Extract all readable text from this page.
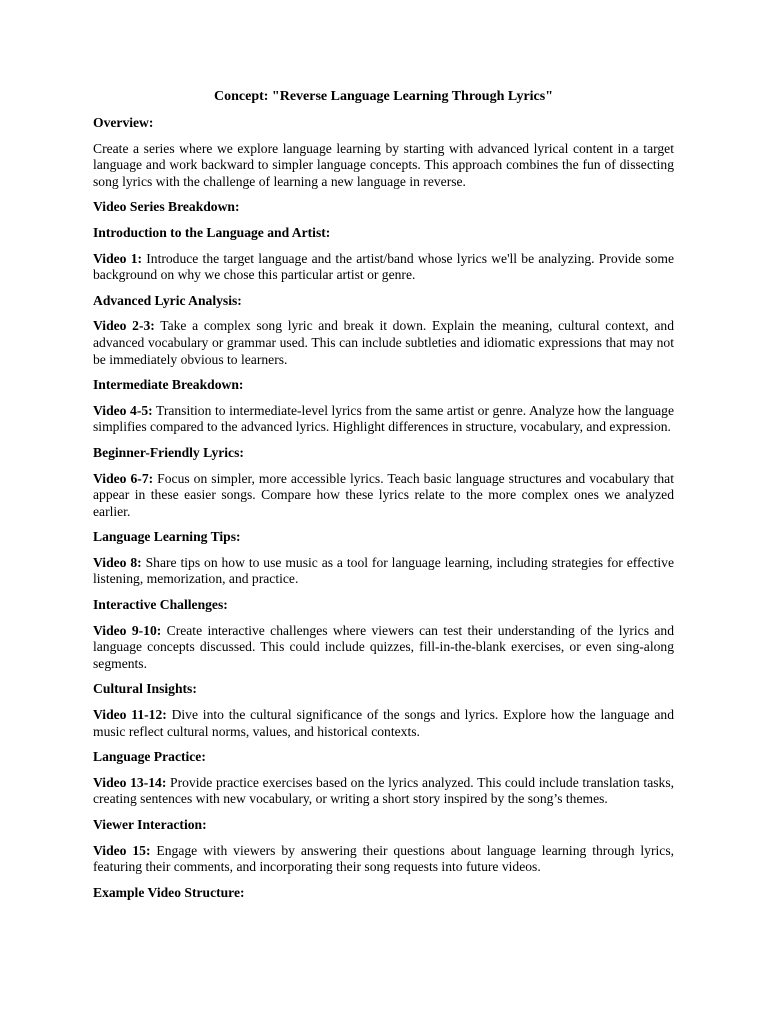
Concept: "Reverse Language Learning Through Lyrics"
Overview:
Create a series where we explore language learning by starting with advanced lyrical content in a target language and work backward to simpler language concepts. This approach combines the fun of dissecting song lyrics with the challenge of learning a new language in reverse.
Video Series Breakdown:
Introduction to the Language and Artist:
Video 1: Introduce the target language and the artist/band whose lyrics we'll be analyzing. Provide some background on why we chose this particular artist or genre.
Advanced Lyric Analysis:
Video 2-3: Take a complex song lyric and break it down. Explain the meaning, cultural context, and advanced vocabulary or grammar used. This can include subtleties and idiomatic expressions that may not be immediately obvious to learners.
Intermediate Breakdown:
Video 4-5: Transition to intermediate-level lyrics from the same artist or genre. Analyze how the language simplifies compared to the advanced lyrics. Highlight differences in structure, vocabulary, and expression.
Beginner-Friendly Lyrics:
Video 6-7: Focus on simpler, more accessible lyrics. Teach basic language structures and vocabulary that appear in these easier songs. Compare how these lyrics relate to the more complex ones we analyzed earlier.
Language Learning Tips:
Video 8: Share tips on how to use music as a tool for language learning, including strategies for effective listening, memorization, and practice.
Interactive Challenges:
Video 9-10: Create interactive challenges where viewers can test their understanding of the lyrics and language concepts discussed. This could include quizzes, fill-in-the-blank exercises, or even sing-along segments.
Cultural Insights:
Video 11-12: Dive into the cultural significance of the songs and lyrics. Explore how the language and music reflect cultural norms, values, and historical contexts.
Language Practice:
Video 13-14: Provide practice exercises based on the lyrics analyzed. This could include translation tasks, creating sentences with new vocabulary, or writing a short story inspired by the song’s themes.
Viewer Interaction:
Video 15: Engage with viewers by answering their questions about language learning through lyrics, featuring their comments, and incorporating their song requests into future videos.
Example Video Structure:
